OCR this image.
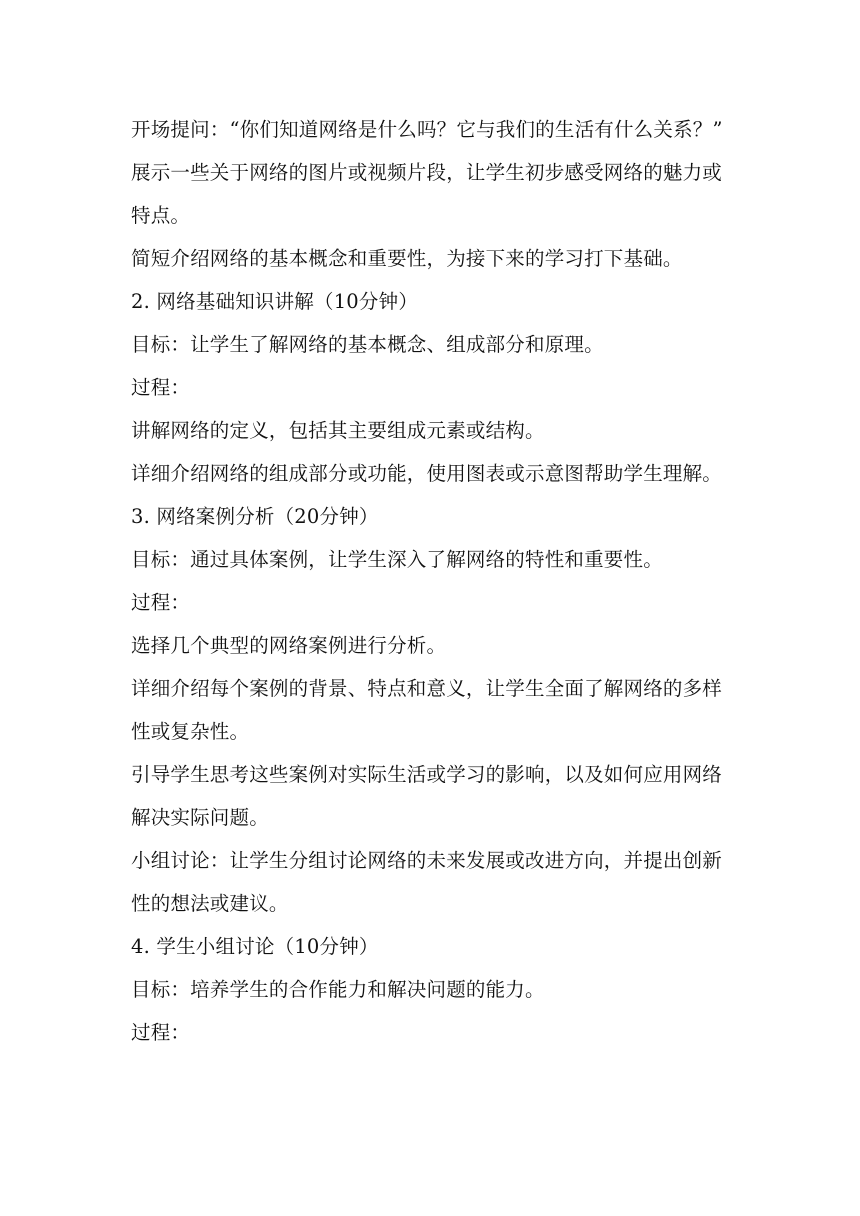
开场提问：“你们知道网络是什么吗？它与我们的生活有什么关系？”
展示一些关于网络的图片或视频片段，让学生初步感受网络的魅力或
特点。
简短介绍网络的基本概念和重要性，为接下来的学习打下基础。
2. 网络基础知识讲解（10分钟）
目标：让学生了解网络的基本概念、组成部分和原理。
过程：
讲解网络的定义，包括其主要组成元素或结构。
详细介绍网络的组成部分或功能，使用图表或示意图帮助学生理解。
3. 网络案例分析（20分钟）
目标：通过具体案例，让学生深入了解网络的特性和重要性。
过程：
选择几个典型的网络案例进行分析。
详细介绍每个案例的背景、特点和意义，让学生全面了解网络的多样
性或复杂性。
引导学生思考这些案例对实际生活或学习的影响，以及如何应用网络
解决实际问题。
小组讨论：让学生分组讨论网络的未来发展或改进方向，并提出创新
性的想法或建议。
4. 学生小组讨论（10分钟）
目标：培养学生的合作能力和解决问题的能力。
过程：
